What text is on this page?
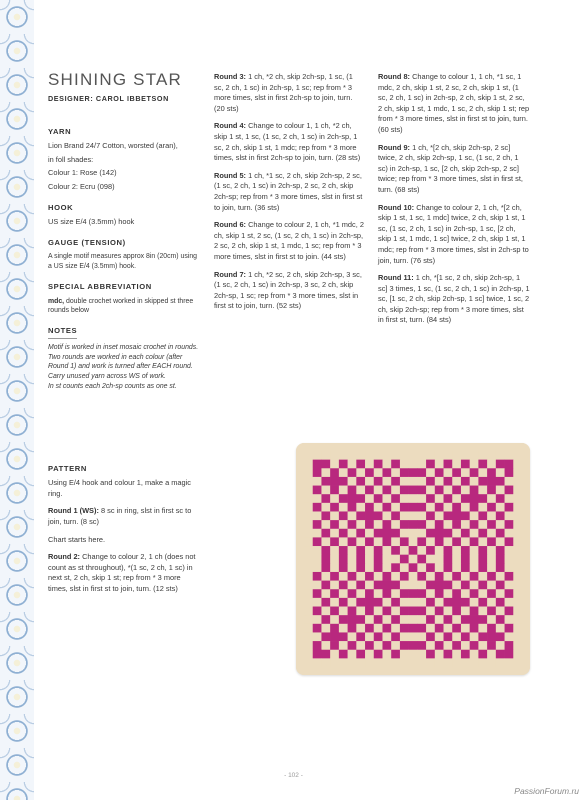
SHINING STAR
DESIGNER: CAROL IBBETSON
YARN
Lion Brand 24/7 Cotton, worsted (aran),
in foll shades:
Colour 1: Rose (142)
Colour 2: Ecru (098)
HOOK
US size E/4 (3.5mm) hook
GAUGE (TENSION)
A single motif measures approx 8in (20cm) using a US size E/4 (3.5mm) hook.
SPECIAL ABBREVIATION
mdc, double crochet worked in skipped st three rounds below
NOTES
Motif is worked in inset mosaic crochet in rounds.
Two rounds are worked in each colour (after Round 1) and work is turned after EACH round.
Carry unused yarn across WS of work.
In st counts each 2ch-sp counts as one st.
PATTERN
Using E/4 hook and colour 1, make a magic ring.
Round 1 (WS): 8 sc in ring, slst in first sc to join, turn. (8 sc)
Chart starts here.
Round 2: Change to colour 2, 1 ch (does not count as st throughout), *(1 sc, 2 ch, 1 sc) in next st, 2 ch, skip 1 st; rep from * 3 more times, slst in first st to join, turn. (12 sts)
Round 3: 1 ch, *2 ch, skip 2ch-sp, 1 sc, (1 sc, 2 ch, 1 sc) in 2ch-sp, 1 sc; rep from * 3 more times, slst in first 2ch-sp to join, turn. (20 sts)
Round 4: Change to colour 1, 1 ch, *2 ch, skip 1 st, 1 sc, (1 sc, 2 ch, 1 sc) in 2ch-sp, 1 sc, 2 ch, skip 1 st, 1 mdc; rep from * 3 more times, slst in first 2ch-sp to join, turn. (28 sts)
Round 5: 1 ch, *1 sc, 2 ch, skip 2ch-sp, 2 sc, (1 sc, 2 ch, 1 sc) in 2ch-sp, 2 sc, 2 ch, skip 2ch-sp; rep from * 3 more times, slst in first st to join, turn. (36 sts)
Round 6: Change to colour 2, 1 ch, *1 mdc, 2 ch, skip 1 st, 2 sc, (1 sc, 2 ch, 1 sc) in 2ch-sp, 2 sc, 2 ch, skip 1 st, 1 mdc, 1 sc; rep from * 3 more times, slst in first st to join. (44 sts)
Round 7: 1 ch, *2 sc, 2 ch, skip 2ch-sp, 3 sc, (1 sc, 2 ch, 1 sc) in 2ch-sp, 3 sc, 2 ch, skip 2ch-sp, 1 sc; rep from * 3 more times, slst in first st to join, turn. (52 sts)
Round 8: Change to colour 1, 1 ch, *1 sc, 1 mdc, 2 ch, skip 1 st, 2 sc, 2 ch, skip 1 st, (1 sc, 2 ch, 1 sc) in 2ch-sp, 2 ch, skip 1 st, 2 sc, 2 ch, skip 1 st, 1 mdc, 1 sc, 2 ch, skip 1 st; rep from * 3 more times, slst in first st to join, turn. (60 sts)
Round 9: 1 ch, *[2 ch, skip 2ch-sp, 2 sc] twice, 2 ch, skip 2ch-sp, 1 sc, (1 sc, 2 ch, 1 sc) in 2ch-sp, 1 sc, [2 ch, skip 2ch-sp, 2 sc] twice; rep from * 3 more times, slst in first st, turn. (68 sts)
Round 10: Change to colour 2, 1 ch, *[2 ch, skip 1 st, 1 sc, 1 mdc] twice, 2 ch, skip 1 st, 1 sc, (1 sc, 2 ch, 1 sc) in 2ch-sp, 1 sc, [2 ch, skip 1 st, 1 mdc, 1 sc] twice, 2 ch, skip 1 st, 1 mdc; rep from * 3 more times, slst in 2ch-sp to join, turn. (76 sts)
Round 11: 1 ch, *[1 sc, 2 ch, skip 2ch-sp, 1 sc] 3 times, 1 sc, (1 sc, 2 ch, 1 sc) in 2ch-sp, 1 sc, [1 sc, 2 ch, skip 2ch-sp, 1 sc] twice, 1 sc, 2 ch, skip 2ch-sp; rep from * 3 more times, slst in first st, turn. (84 sts)
- 102 -
PassionForum.ru
